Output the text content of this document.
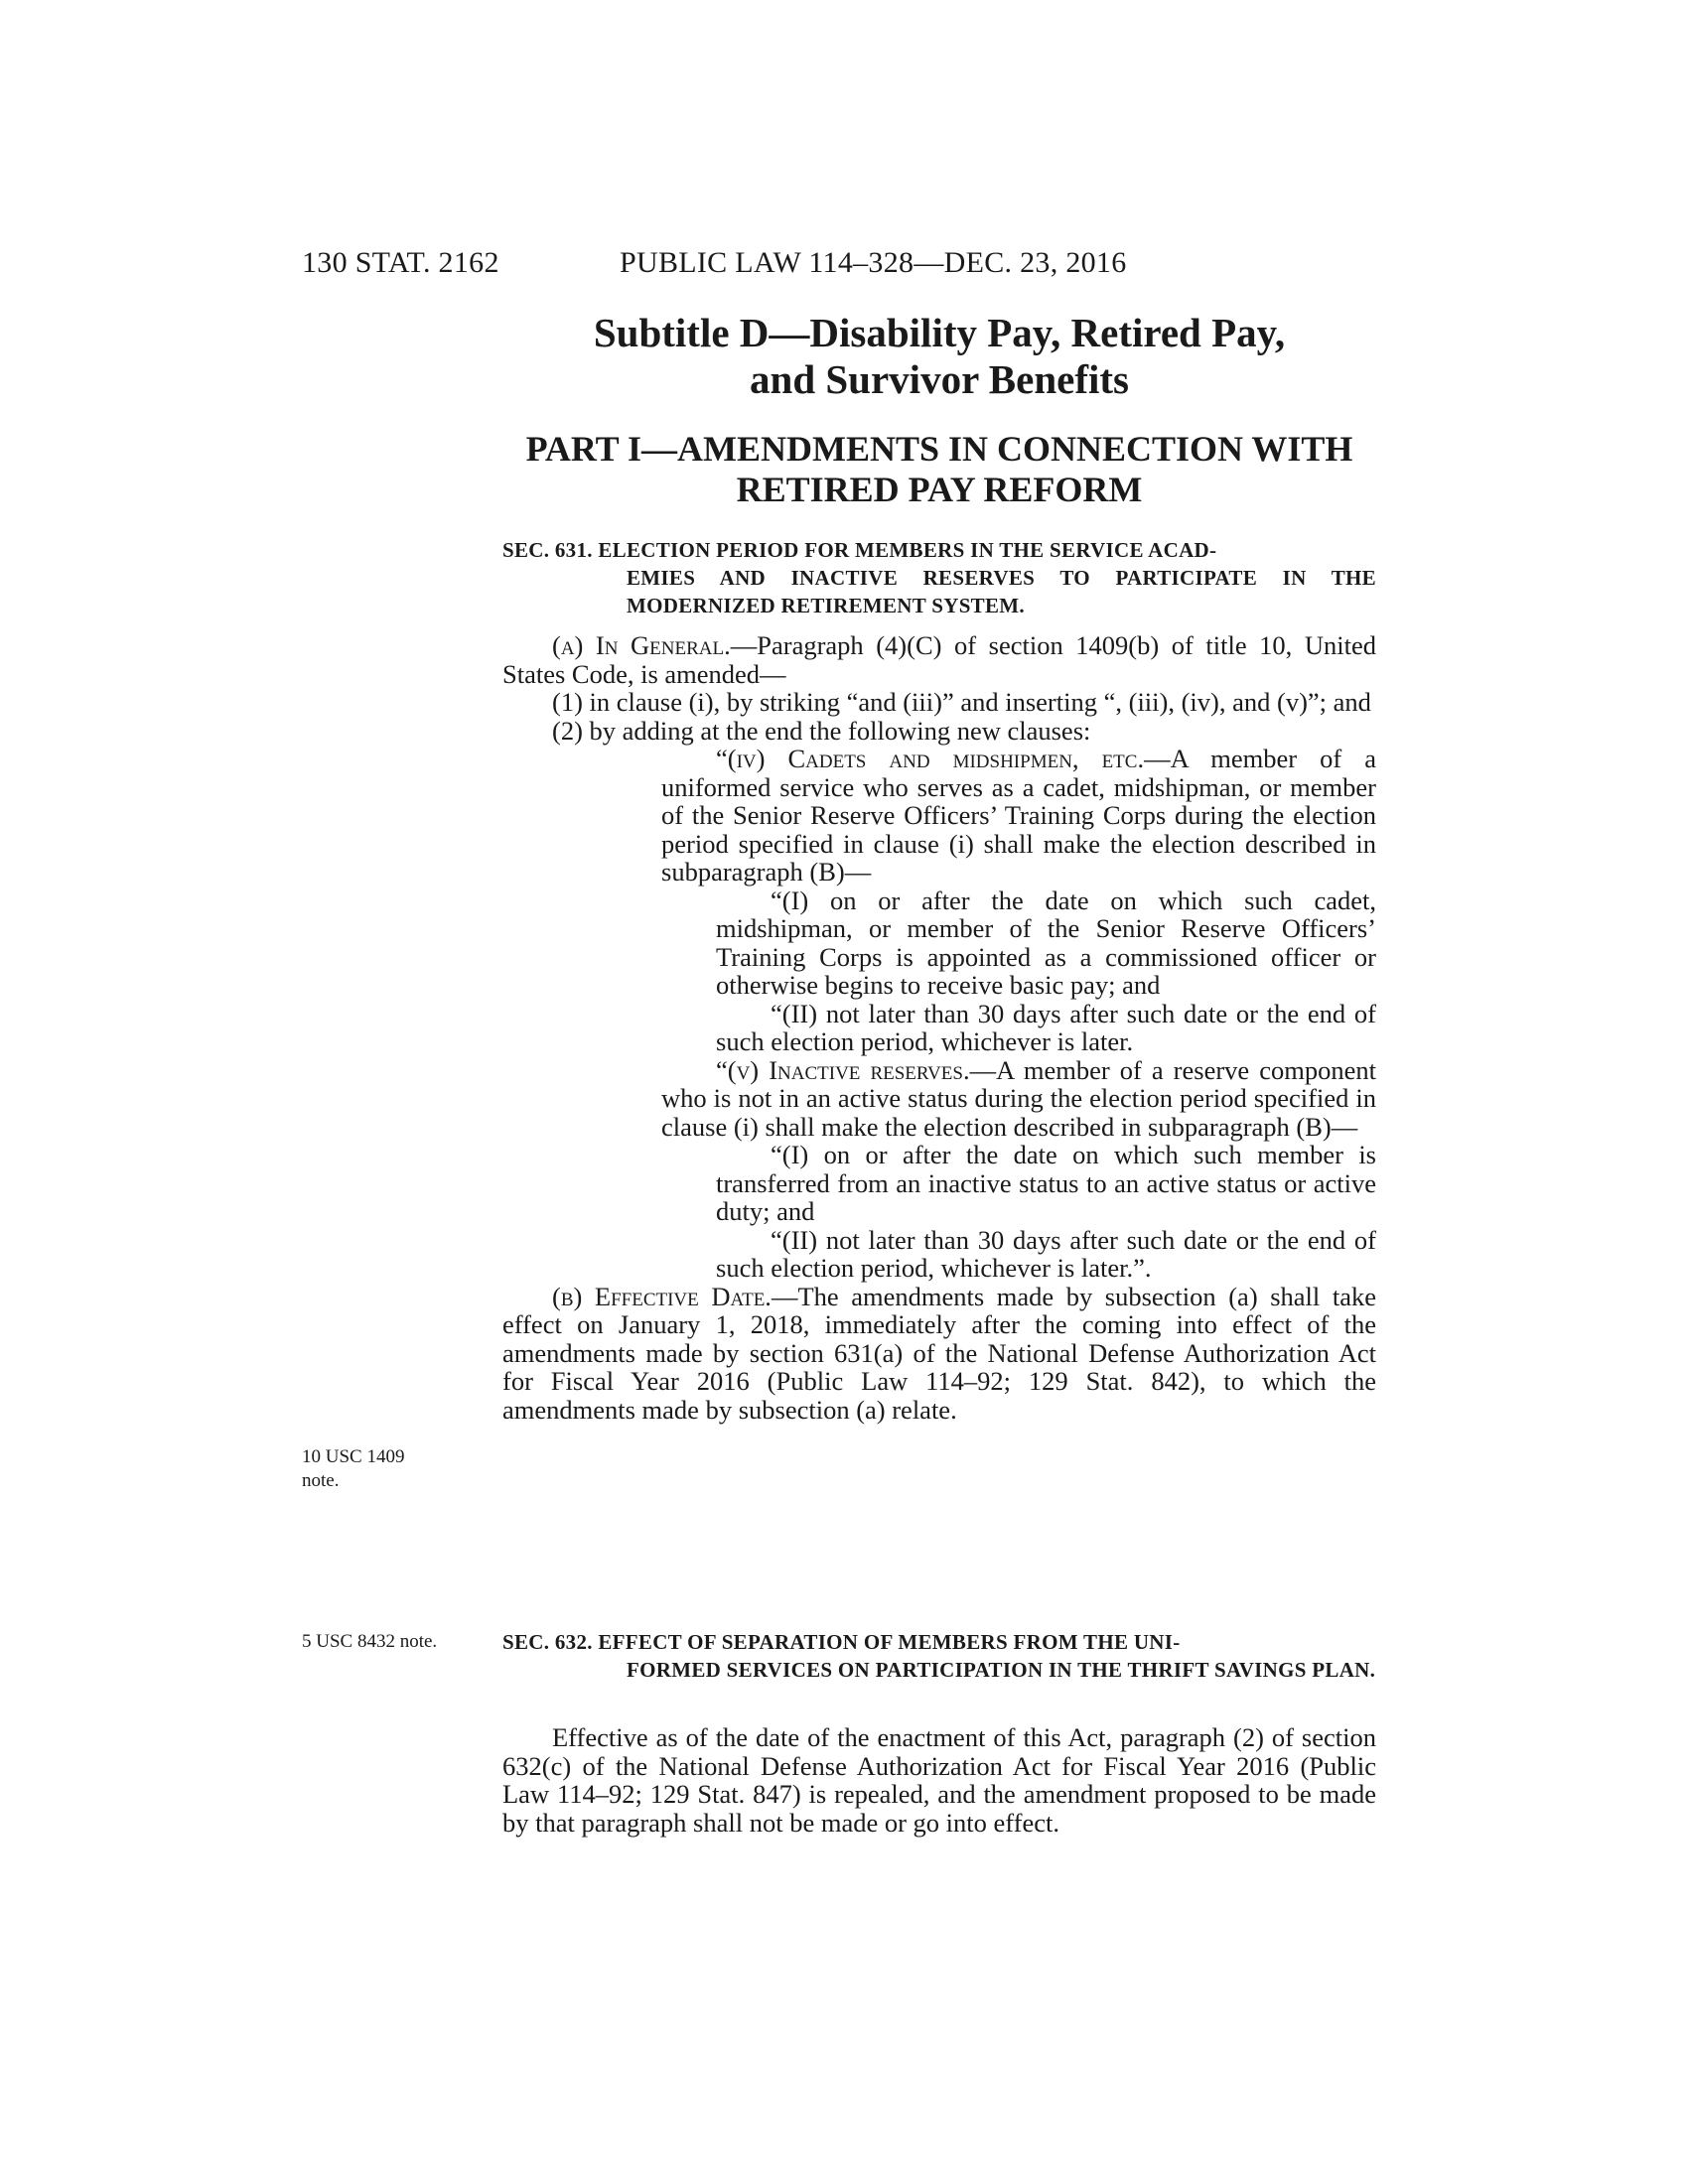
130 STAT. 2162	PUBLIC LAW 114–328—DEC. 23, 2016

Subtitle D—Disability Pay, Retired Pay,

and Survivor Benefits

PART I—AMENDMENTS IN CONNECTION WITH

RETIRED PAY REFORM

SEC. 631. ELECTION PERIOD FOR MEMBERS IN THE SERVICE ACAD-
EMIES AND INACTIVE RESERVES TO PARTICIPATE IN THE MODERNIZED RETIREMENT SYSTEM.

(a) In General.—Paragraph (4)(C) of section 1409(b) of title 10, United States Code, is amended—

(1) in clause (i), by striking “and (iii)” and inserting “, (iii), (iv), and (v)”; and

(2) by adding at the end the following new clauses:

“(iv) Cadets and midshipmen, etc.—A member of a uniformed service who serves as a cadet, midshipman, or member of the Senior Reserve Officers’ Training Corps during the election period specified in clause (i) shall make the election described in subparagraph (B)—

“(I) on or after the date on which such cadet, midshipman, or member of the Senior Reserve Officers’ Training Corps is appointed as a commissioned officer or otherwise begins to receive basic pay; and

“(II) not later than 30 days after such date or the end of such election period, whichever is later.

“(v) Inactive reserves.—A member of a reserve component who is not in an active status during the election period specified in clause (i) shall make the election described in subparagraph (B)—

“(I) on or after the date on which such member is transferred from an inactive status to an active status or active duty; and

“(II) not later than 30 days after such date or the end of such election period, whichever is later.”.

(b) Effective Date.—The amendments made by subsection (a) shall take effect on January 1, 2018, immediately after the coming into effect of the amendments made by section 631(a) of the National Defense Authorization Act for Fiscal Year 2016 (Public Law 114–92; 129 Stat. 842), to which the amendments made by subsection (a) relate.

10 USC 1409
note.
5 USC 8432 note.	SEC. 632. EFFECT OF SEPARATION OF MEMBERS FROM THE UNI-
FORMED SERVICES ON PARTICIPATION IN THE THRIFT SAVINGS PLAN.

Effective as of the date of the enactment of this Act, paragraph (2) of section 632(c) of the National Defense Authorization Act for Fiscal Year 2016 (Public Law 114–92; 129 Stat. 847) is repealed, and the amendment proposed to be made by that paragraph shall not be made or go into effect.
